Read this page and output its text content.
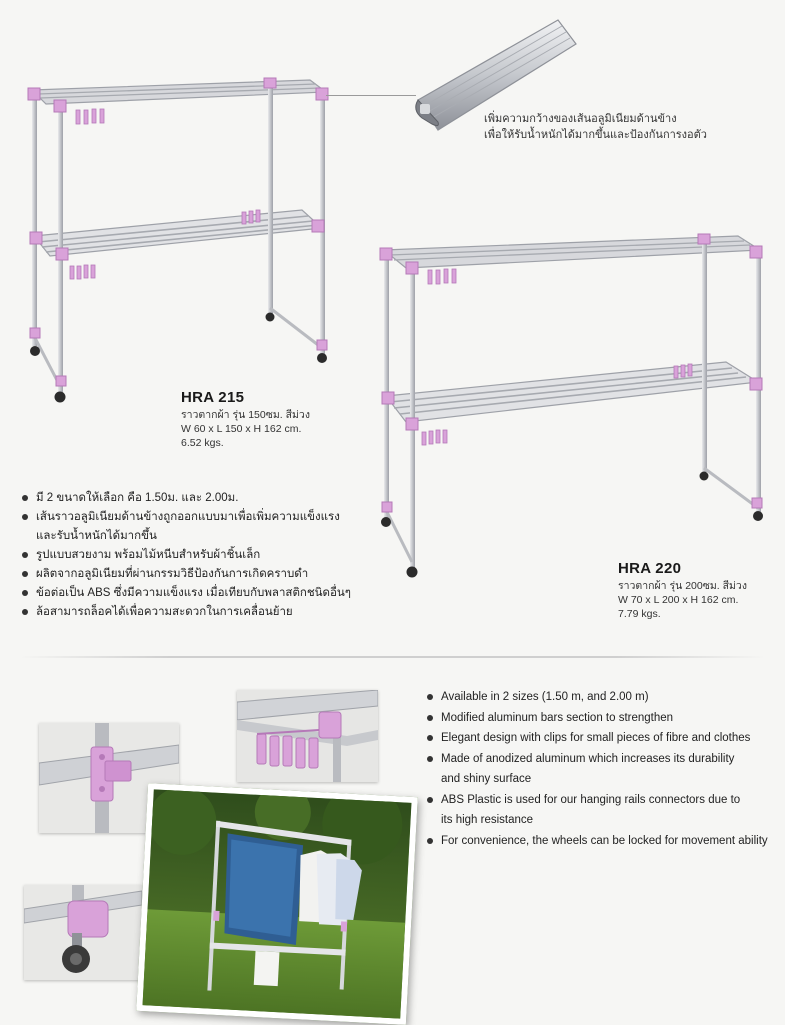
เพิ่มความกว้างของเส้นอลูมิเนียมด้านข้าง
เพื่อให้รับน้ำหนักได้มากขึ้นและป้องกันการงอตัว
HRA 215
ราวตากผ้า รุ่น 150ซม. สีม่วง
W 60 x L 150 x H 162 cm.
6.52 kgs.
HRA 220
ราวตากผ้า รุ่น 200ซม. สีม่วง
W 70 x L 200 x H 162 cm.
7.79 kgs.
มี 2 ขนาดให้เลือก คือ 1.50ม. และ 2.00ม.
เส้นราวอลูมิเนียมด้านข้างถูกออกแบบมาเพื่อเพิ่มความแข็งแรง
และรับน้ำหนักได้มากขึ้น
รูปแบบสวยงาม พร้อมไม้หนีบสำหรับผ้าชิ้นเล็ก
ผลิตจากอลูมิเนียมที่ผ่านกรรมวิธีป้องกันการเกิดคราบดำ
ข้อต่อเป็น ABS ซึ่งมีความแข็งแรง เมื่อเทียบกับพลาสติกชนิดอื่นๆ
ล้อสามารถล็อคได้เพื่อความสะดวกในการเคลื่อนย้าย
Available in 2 sizes (1.50 m, and 2.00 m)
Modified aluminum bars section to strengthen
Elegant design with clips for small pieces of fibre and clothes
Made of anodized aluminum which increases its durability
and shiny surface
ABS Plastic is used for our hanging rails connectors due to
its high resistance
For convenience, the wheels can be locked for movement ability
